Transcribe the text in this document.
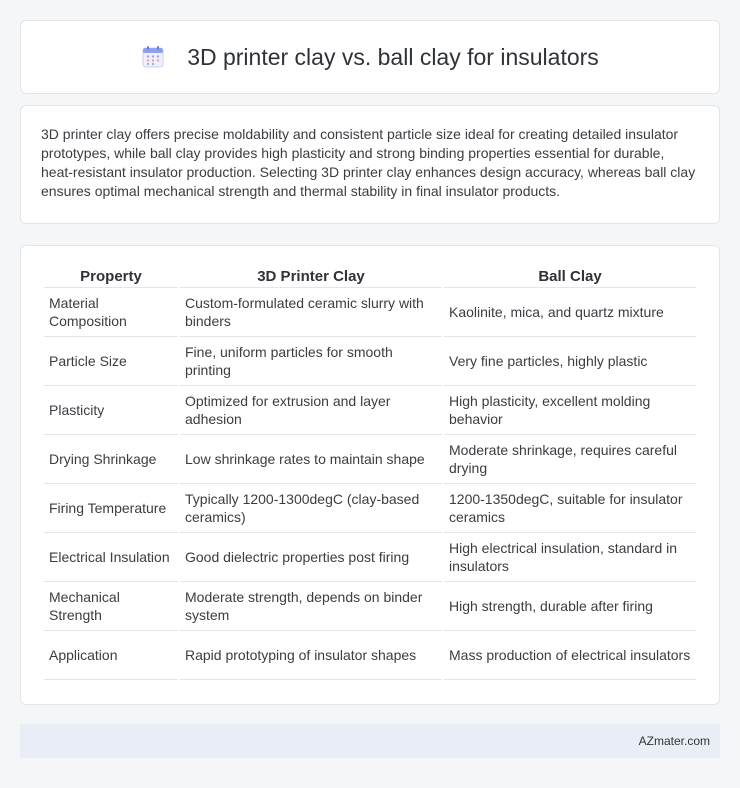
3D printer clay vs. ball clay for insulators

3D printer clay offers precise moldability and consistent particle size ideal for creating detailed insulator prototypes, while ball clay provides high plasticity and strong binding properties essential for durable, heat-resistant insulator production. Selecting 3D printer clay enhances design accuracy, whereas ball clay ensures optimal mechanical strength and thermal stability in final insulator products.

Property	3D Printer Clay	Ball Clay
Material Composition	Custom-formulated ceramic slurry with binders	Kaolinite, mica, and quartz mixture
Particle Size	Fine, uniform particles for smooth printing	Very fine particles, highly plastic
Plasticity	Optimized for extrusion and layer adhesion	High plasticity, excellent molding behavior
Drying Shrinkage	Low shrinkage rates to maintain shape	Moderate shrinkage, requires careful drying
Firing Temperature	Typically 1200-1300degC (clay-based ceramics)	1200-1350degC, suitable for insulator ceramics
Electrical Insulation	Good dielectric properties post firing	High electrical insulation, standard in insulators
Mechanical Strength	Moderate strength, depends on binder system	High strength, durable after firing
Application	Rapid prototyping of insulator shapes	Mass production of electrical insulators
AZmater.com
